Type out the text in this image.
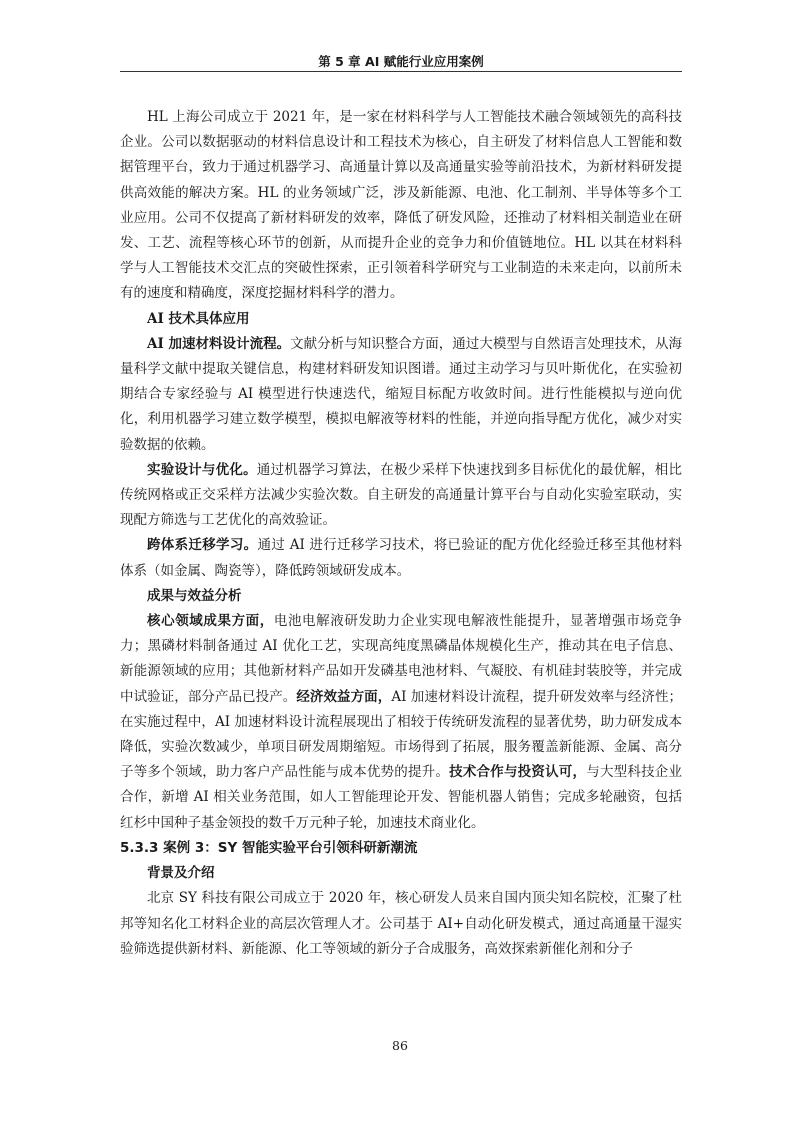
第 5 章 AI 赋能行业应用案例

HL 上海公司成立于 2021 年，是一家在材料科学与人工智能技术融合领域领先的高科技企业。公司以数据驱动的材料信息设计和工程技术为核心，自主研发了材料信息人工智能和数据管理平台，致力于通过机器学习、高通量计算以及高通量实验等前沿技术，为新材料研发提供高效能的解决方案。HL 的业务领域广泛，涉及新能源、电池、化工制剂、半导体等多个工业应用。公司不仅提高了新材料研发的效率，降低了研发风险，还推动了材料相关制造业在研发、工艺、流程等核心环节的创新，从而提升企业的竞争力和价值链地位。HL 以其在材料科学与人工智能技术交汇点的突破性探索，正引领着科学研究与工业制造的未来走向，以前所未有的速度和精确度，深度挖掘材料科学的潜力。

AI 技术具体应用

AI 加速材料设计流程。文献分析与知识整合方面，通过大模型与自然语言处理技术，从海量科学文献中提取关键信息，构建材料研发知识图谱。通过主动学习与贝叶斯优化，在实验初期结合专家经验与 AI 模型进行快速迭代，缩短目标配方收敛时间。进行性能模拟与逆向优化，利用机器学习建立数学模型，模拟电解液等材料的性能，并逆向指导配方优化，减少对实验数据的依赖。

实验设计与优化。通过机器学习算法，在极少采样下快速找到多目标优化的最优解，相比传统网格或正交采样方法减少实验次数。自主研发的高通量计算平台与自动化实验室联动，实现配方筛选与工艺优化的高效验证。

跨体系迁移学习。通过 AI 进行迁移学习技术，将已验证的配方优化经验迁移至其他材料体系（如金属、陶瓷等），降低跨领域研发成本。

成果与效益分析

核心领域成果方面，电池电解液研发助力企业实现电解液性能提升，显著增强市场竞争力；黑磷材料制备通过 AI 优化工艺，实现高纯度黑磷晶体规模化生产，推动其在电子信息、新能源领域的应用；其他新材料产品如开发磷基电池材料、气凝胶、有机硅封装胶等，并完成中试验证，部分产品已投产。经济效益方面，AI 加速材料设计流程，提升研发效率与经济性；在实施过程中，AI 加速材料设计流程展现出了相较于传统研发流程的显著优势，助力研发成本降低，实验次数减少，单项目研发周期缩短。市场得到了拓展，服务覆盖新能源、金属、高分子等多个领域，助力客户产品性能与成本优势的提升。技术合作与投资认可，与大型科技企业合作，新增 AI 相关业务范围，如人工智能理论开发、智能机器人销售；完成多轮融资，包括红杉中国种子基金领投的数千万元种子轮，加速技术商业化。

5.3.3 案例 3：SY 智能实验平台引领科研新潮流

背景及介绍

北京 SY 科技有限公司成立于 2020 年，核心研发人员来自国内顶尖知名院校，汇聚了杜邦等知名化工材料企业的高层次管理人才。公司基于 AI+自动化研发模式，通过高通量干湿实验筛选提供新材料、新能源、化工等领域的新分子合成服务，高效探索新催化剂和分子

86
